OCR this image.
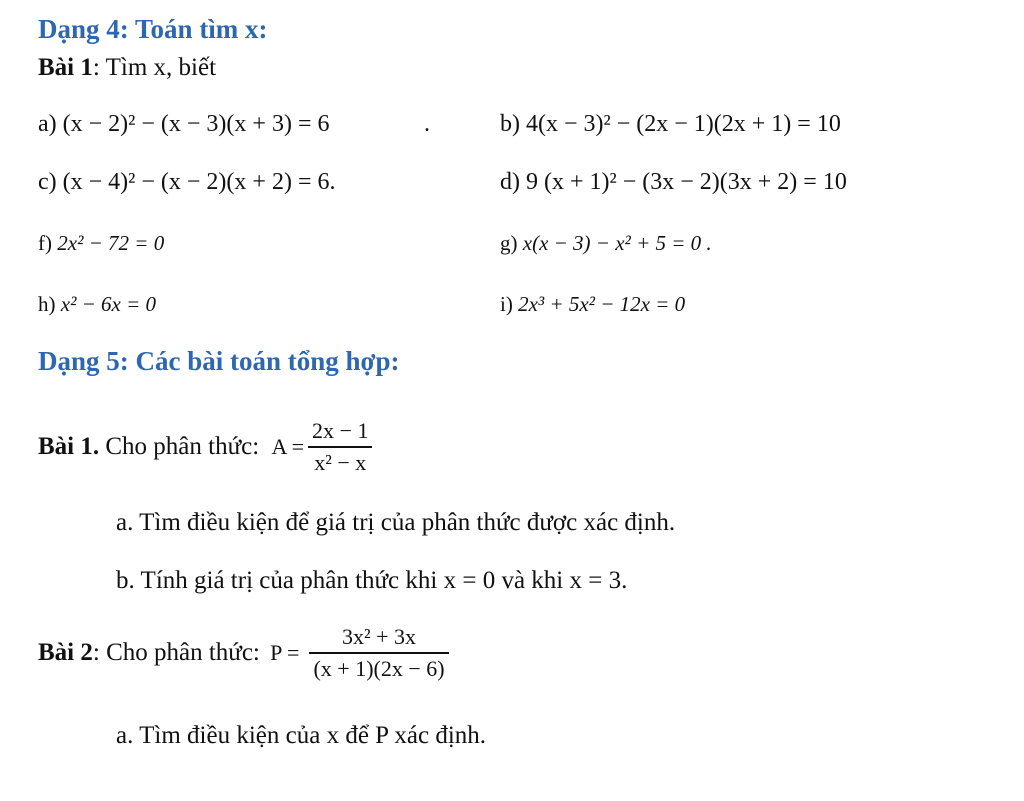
Dạng 4: Toán tìm x:
Bài 1: Tìm x, biết
a) (x − 2)² − (x − 3)(x + 3) = 6	.	b) 4(x − 3)² − (2x − 1)(2x + 1) = 10
c) (x − 4)² − (x − 2)(x + 2) = 6.	d) 9 (x + 1)² − (3x − 2)(3x + 2) = 10
f) 2x² − 72 = 0	g) x(x − 3) − x² + 5 = 0 .
h) x² − 6x = 0	i) 2x³ + 5x² − 12x = 0
Dạng 5: Các bài toán tổng hợp:
Bài 1.
Cho phân thức:
$A = \frac{2x - 1}{\text{x² − x}}$
a. Tìm điều kiện để giá trị của phân thức được xác định.
b. Tính giá trị của phân thức khi x = 0 và khi x = 3.
Bài 2 : Cho phân thức:
$P = \frac{\text{3x² + 3x}}{(x + 1)(2x - 6)}$
a. Tìm điều kiện của x để P xác định.
